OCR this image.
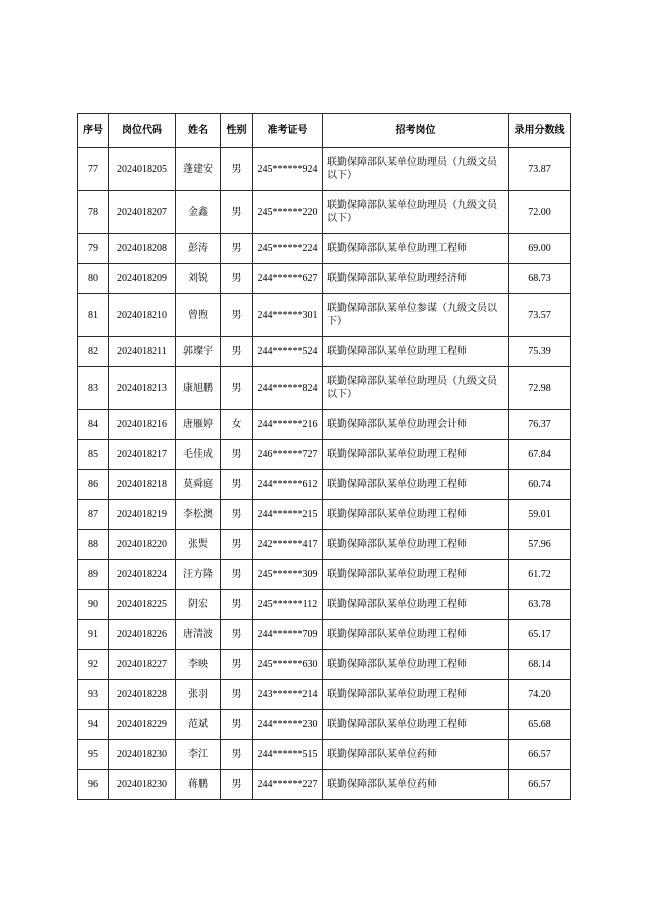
序号	岗位代码	姓名	性别	准考证号	招考岗位	录用分数线
77	2024018205	蓬建安	男	245******924	联勤保障部队某单位助理员（九级文员以下）	73.87
78	2024018207	金鑫	男	245******220	联勤保障部队某单位助理员（九级文员以下）	72.00
79	2024018208	彭涛	男	245******224	联勤保障部队某单位助理工程师	69.00
80	2024018209	刘锐	男	244******627	联勤保障部队某单位助理经济师	68.73
81	2024018210	曾煦	男	244******301	联勤保障部队某单位参谋（九级文员以下）	73.57
82	2024018211	郭璨宇	男	244******524	联勤保障部队某单位助理工程师	75.39
83	2024018213	康旭鹏	男	244******824	联勤保障部队某单位助理员（九级文员以下）	72.98
84	2024018216	唐雁婷	女	244******216	联勤保障部队某单位助理会计师	76.37
85	2024018217	毛佳成	男	246******727	联勤保障部队某单位助理工程师	67.84
86	2024018218	莫舜庭	男	244******612	联勤保障部队某单位助理工程师	60.74
87	2024018219	李松澳	男	244******215	联勤保障部队某单位助理工程师	59.01
88	2024018220	张煚	男	242******417	联勤保障部队某单位助理工程师	57.96
89	2024018224	汪方隆	男	245******309	联勤保障部队某单位助理工程师	61.72
90	2024018225	阴宏	男	245******112	联勤保障部队某单位助理工程师	63.78
91	2024018226	唐清波	男	244******709	联勤保障部队某单位助理工程师	65.17
92	2024018227	李映	男	245******630	联勤保障部队某单位助理工程师	68.14
93	2024018228	张羽	男	243******214	联勤保障部队某单位助理工程师	74.20
94	2024018229	范斌	男	244******230	联勤保障部队某单位助理工程师	65.68
95	2024018230	李江	男	244******515	联勤保障部队某单位药师	66.57
96	2024018230	蒋鹏	男	244******227	联勤保障部队某单位药师	66.57
